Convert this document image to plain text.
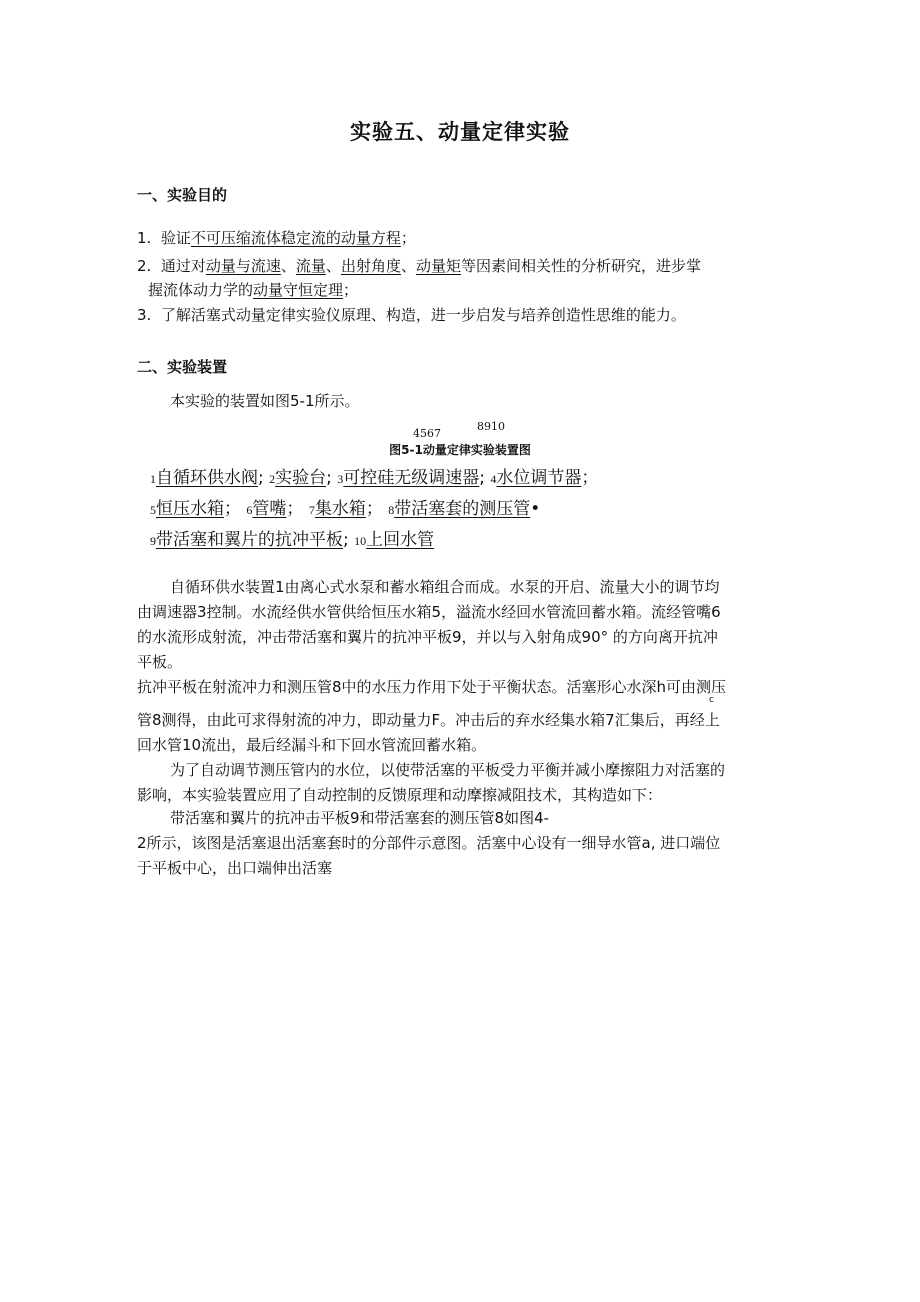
实验五、动量定律实验
一、实验目的
1. 验证不可压缩流体稳定流的动量方程；
2. 通过对动量与流速、流量、出射角度、动量矩等因素间相关性的分析研究，进步掌
握流体动力学的动量守恒定理；
3. 了解活塞式动量定律实验仪原理、构造，进一步启发与培养创造性思维的能力。
二、实验装置
本实验的装置如图5-1所示。
8910
4567
图5-1动量定律实验装置图
1自循环供水阀; 2实验台; 3可控硅无级调速器; 4水位调节器；
5恒压水箱； 6管嘴； 7集水箱； 8带活塞套的测压管•
9带活塞和翼片的抗冲平板; 10上回水管
自循环供水装置1由离心式水泵和蓄水箱组合而成。水泵的开启、流量大小的调节均
由调速器3控制。水流经供水管供给恒压水箱5，溢流水经回水管流回蓄水箱。流经管嘴6
的水流形成射流，冲击带活塞和翼片的抗冲平板9，并以与入射角成90° 的方向离开抗冲
平板。
抗冲平板在射流冲力和测压管8中的水压力作用下处于平衡状态。活塞形心水深h可由测压
c
管8测得，由此可求得射流的冲力，即动量力F。冲击后的弃水经集水箱7汇集后，再经上
回水管10流出，最后经漏斗和下回水管流回蓄水箱。
为了自动调节测压管内的水位，以使带活塞的平板受力平衡并减小摩擦阻力对活塞的
影响，本实验装置应用了自动控制的反馈原理和动摩擦减阻技术，其构造如下：
带活塞和翼片的抗冲击平板9和带活塞套的测压管8如图4-
2所示，该图是活塞退出活塞套时的分部件示意图。活塞中心设有一细导水管a, 进口端位
于平板中心，出口端伸出活塞
